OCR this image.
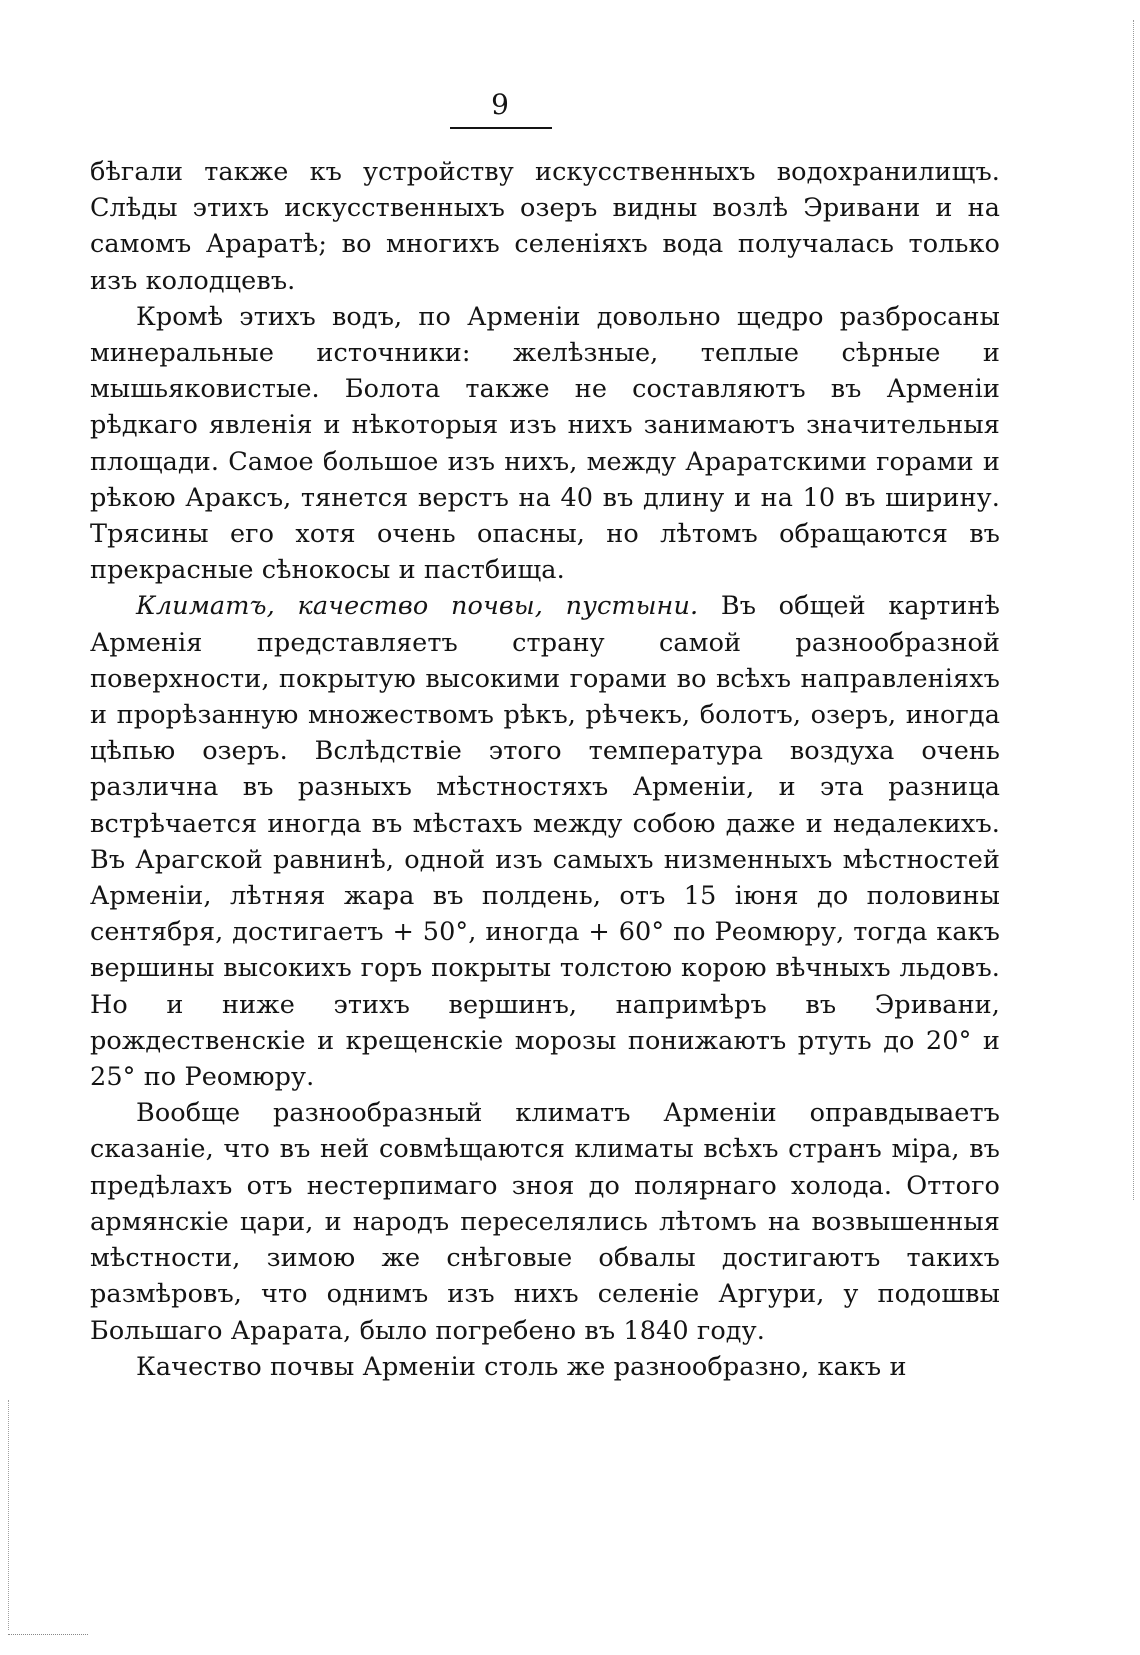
9

бѣгали также къ устройству искусственныхъ водохранилищъ. Слѣды этихъ искусственныхъ озеръ видны возлѣ Эривани и на самомъ Араратѣ; во многихъ селеніяхъ вода получалась только изъ колодцевъ.

Кромѣ этихъ водъ, по Арменіи довольно щедро разбросаны минеральные источники: желѣзные, теплые сѣрные и мышьяковистые. Болота также не составляютъ въ Арменіи рѣдкаго явленія и нѣкоторыя изъ нихъ занимаютъ значительныя площади. Самое большое изъ нихъ, между Араратскими горами и рѣкою Араксъ, тянется верстъ на 40 въ длину и на 10 въ ширину. Трясины его хотя очень опасны, но лѣтомъ обращаются въ прекрасные сѣнокосы и пастбища.

Климатъ, качество почвы, пустыни. Въ общей картинѣ Арменія представляетъ страну самой разнообразной поверхности, покрытую высокими горами во всѣхъ направленіяхъ и прорѣзанную множествомъ рѣкъ, рѣчекъ, болотъ, озеръ, иногда цѣпью озеръ. Вслѣдствіе этого температура воздуха очень различна въ разныхъ мѣстностяхъ Арменіи, и эта разница встрѣчается иногда въ мѣстахъ между собою даже и недалекихъ. Въ Арагской равнинѣ, одной изъ самыхъ низменныхъ мѣстностей Арменіи, лѣтняя жара въ полдень, отъ 15 іюня до половины сентября, достигаетъ + 50°, иногда + 60° по Реомюру, тогда какъ вершины высокихъ горъ покрыты толстою корою вѣчныхъ льдовъ. Но и ниже этихъ вершинъ, напримѣръ въ Эривани, рождественскіе и крещенскіе морозы понижаютъ ртуть до 20° и 25° по Реомюру.

Вообще разнообразный климатъ Арменіи оправдываетъ сказаніе, что въ ней совмѣщаются климаты всѣхъ странъ міра, въ предѣлахъ отъ нестерпимаго зноя до полярнаго холода. Оттого армянскіе цари, и народъ переселялись лѣтомъ на возвышенныя мѣстности, зимою же снѣговые обвалы достигаютъ такихъ размѣровъ, что однимъ изъ нихъ селеніе Аргури, у подошвы Большаго Арарата, было погребено въ 1840 году.

Качество почвы Арменіи столь же разнообразно, какъ и
